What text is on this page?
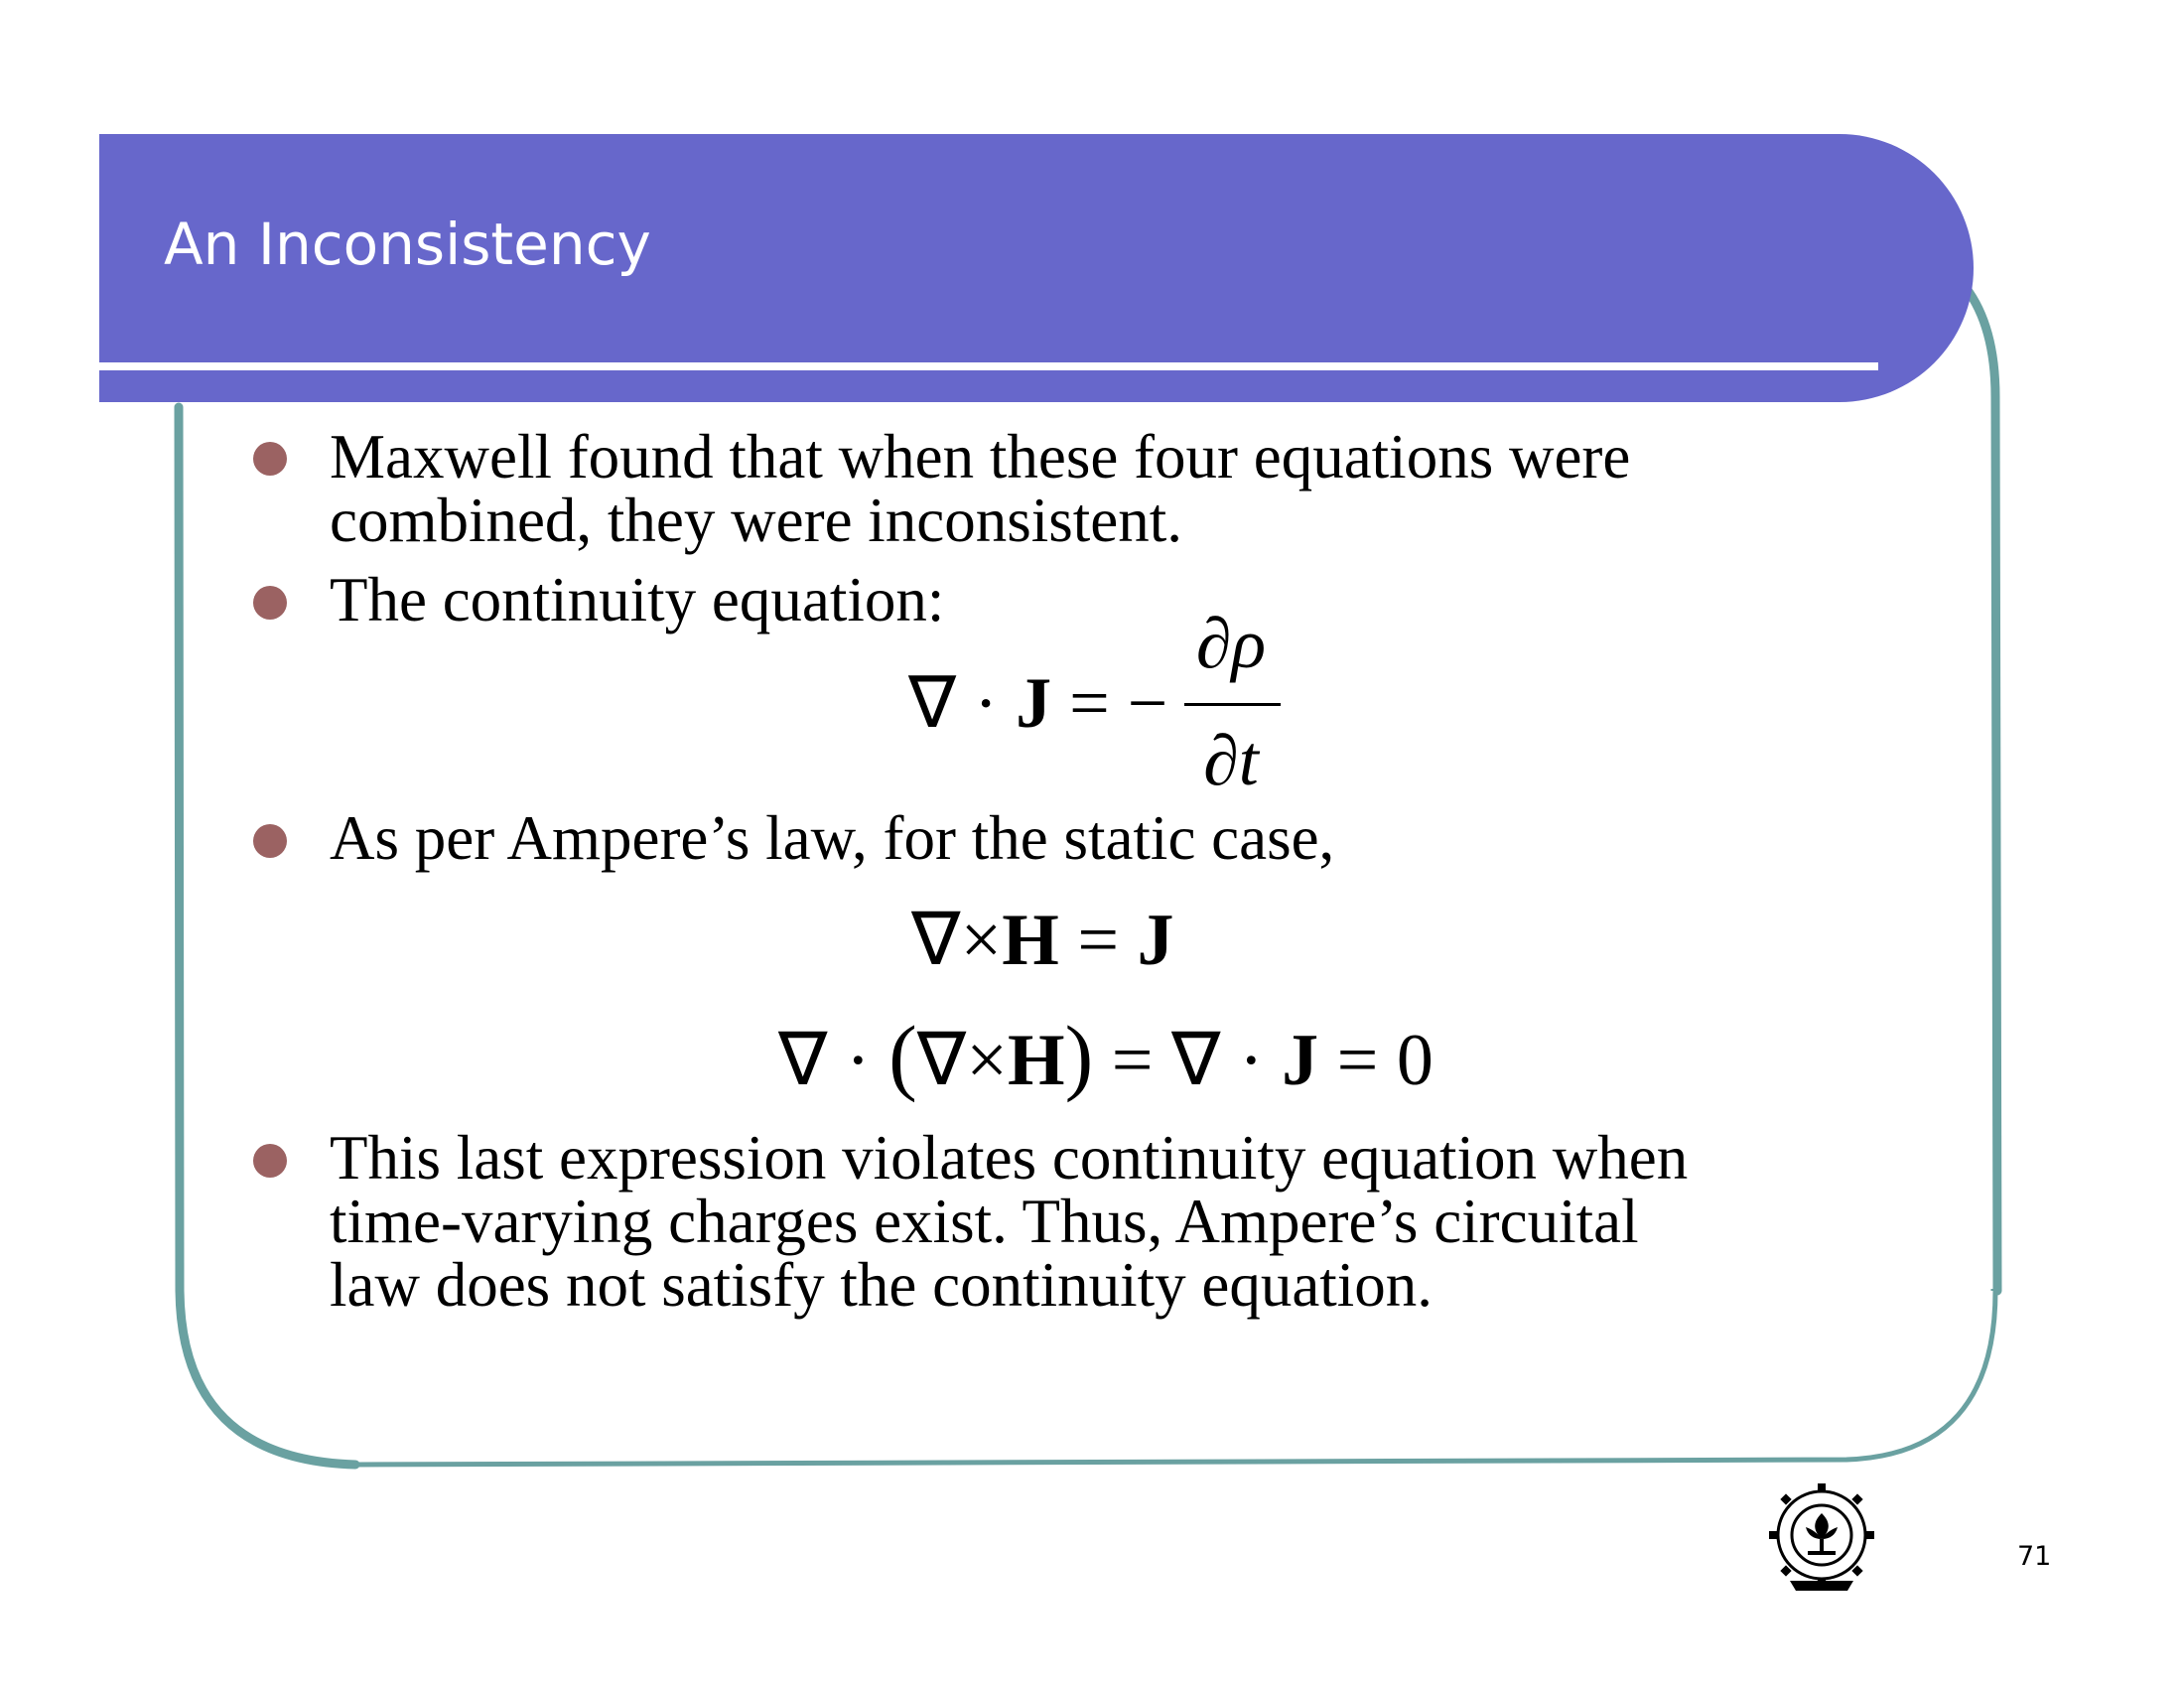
An Inconsistency
Maxwell found that when these four equations were
combined, they were inconsistent.
The continuity equation:
∇ · J = −
∂ρ
∂t
As per Ampere’s law, for the static case,
∇×H = J
∇ · (∇×H) = ∇ · J = 0
This last expression violates continuity equation when
time-varying charges exist. Thus, Ampere’s circuital
law does not satisfy the continuity equation.
71
